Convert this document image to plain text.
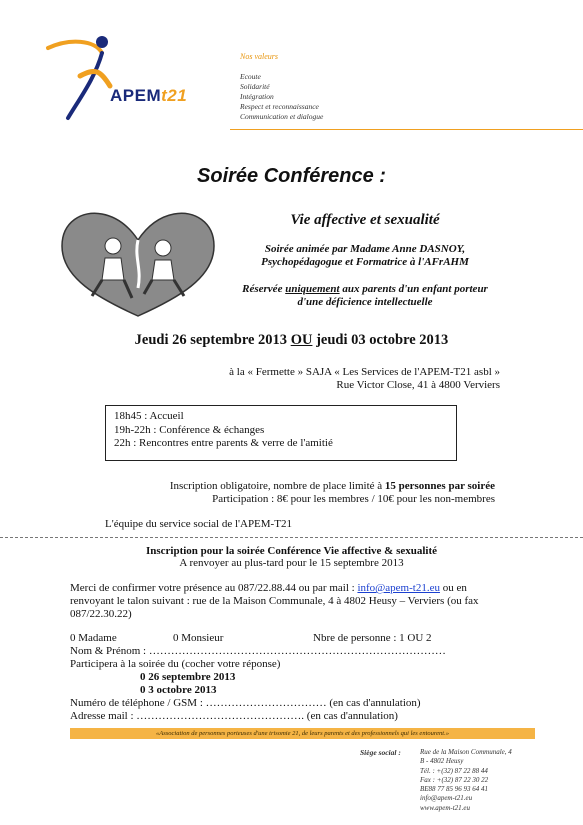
APEMt21
Nos valeurs
Ecoute
Solidarité
Intégration
Respect et reconnaissance
Communication et dialogue
Soirée Conférence :
Vie affective et sexualité
Soirée animée par Madame Anne DASNOY,
Psychopédagogue et Formatrice à l'AFrAHM
Réservée uniquement aux parents d'un enfant porteur
d'une déficience intellectuelle
Jeudi 26 septembre 2013 OU jeudi 03 octobre 2013
à la « Fermette » SAJA « Les Services de l'APEM-T21 asbl »
Rue Victor Close, 41 à 4800 Verviers
18h45 : Accueil
19h-22h : Conférence & échanges
22h : Rencontres entre parents & verre de l'amitié
Inscription obligatoire, nombre de place limité à 15 personnes par soirée
Participation : 8€ pour les membres / 10€ pour les non-membres
L'équipe du service social de l'APEM-T21
Inscription pour la soirée Conférence Vie affective & sexualité
A renvoyer au plus-tard pour le 15 septembre 2013
Merci de confirmer votre présence au 087/22.88.44 ou par mail : info@apem-t21.eu ou en renvoyant le talon suivant : rue de la Maison Communale, 4 à 4802 Heusy – Verviers (ou fax 087/22.30.22)
0 Madame	0 Monsieur	Nbre de personne : 1 OU 2
Nom & Prénom : ………………………………………………………………………
Participera à la soirée du (cocher votre réponse)
0 26 septembre 2013
0 3 octobre 2013
Numéro de téléphone / GSM : …………………………… (en cas d'annulation)
Adresse mail : ………………………………………. (en cas d'annulation)
«Association de personnes porteuses d'une trisomie 21, de leurs parents et des professionnels qui les entourent.»
Siège social :	Rue de la Maison Communale, 4
B - 4802 Heusy
Tél. : +(32) 87 22 88 44
Fax : +(32) 87 22 30 22
BE88 77 85 96 93 64 41
info@apem-t21.eu
www.apem-t21.eu
